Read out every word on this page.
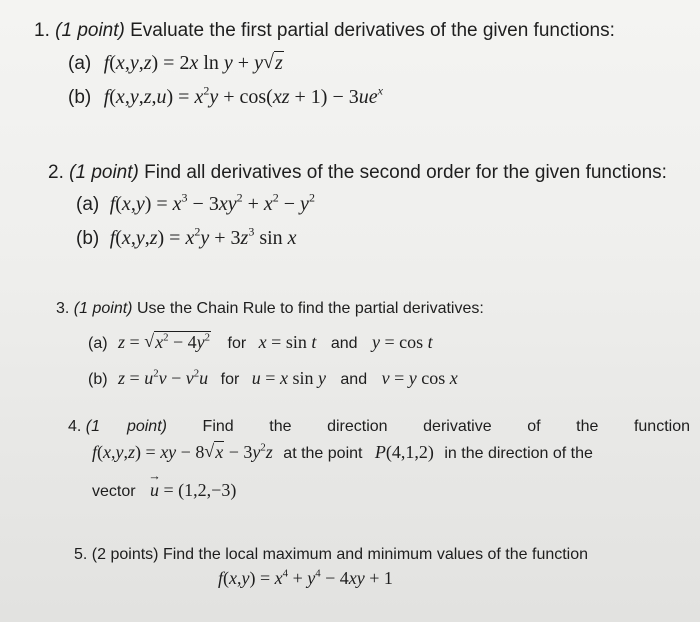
1. (1 point) Evaluate the first partial derivatives of the given functions:
(a) f(x,y,z) = 2x ln y + y √ z
(b) $f(x,y,z,u) = x^2y + \cos(xz + 1) - 3ue^x$
2. (1 point) Find all derivatives of the second order for the given functions:
(a) $f(x,y) = x^3 - 3xy^2 + x^2 - y^2$
(b) $f(x,y,z) = x^2y + 3z^3$ sin x
3. (1 point) Use the Chain Rule to find the partial derivatives:
(a) z = √ $x^2 - 4y^2$ for x = sin t and y = cos t
(b) $z = u^2v - v^2u$ for u = x sin y and v = y cos x
4. (1 point) Find the direction derivative of the function
f(x,y,z) = xy − 8 √ $x - 3y^2z$ at the point P(4,1,2) in the direction of the
vector → u = (1,2,−3)
5. (2 points) Find the local maximum and minimum values of the function
$f(x,y) = x^4 + y^4 - 4xy + 1$
